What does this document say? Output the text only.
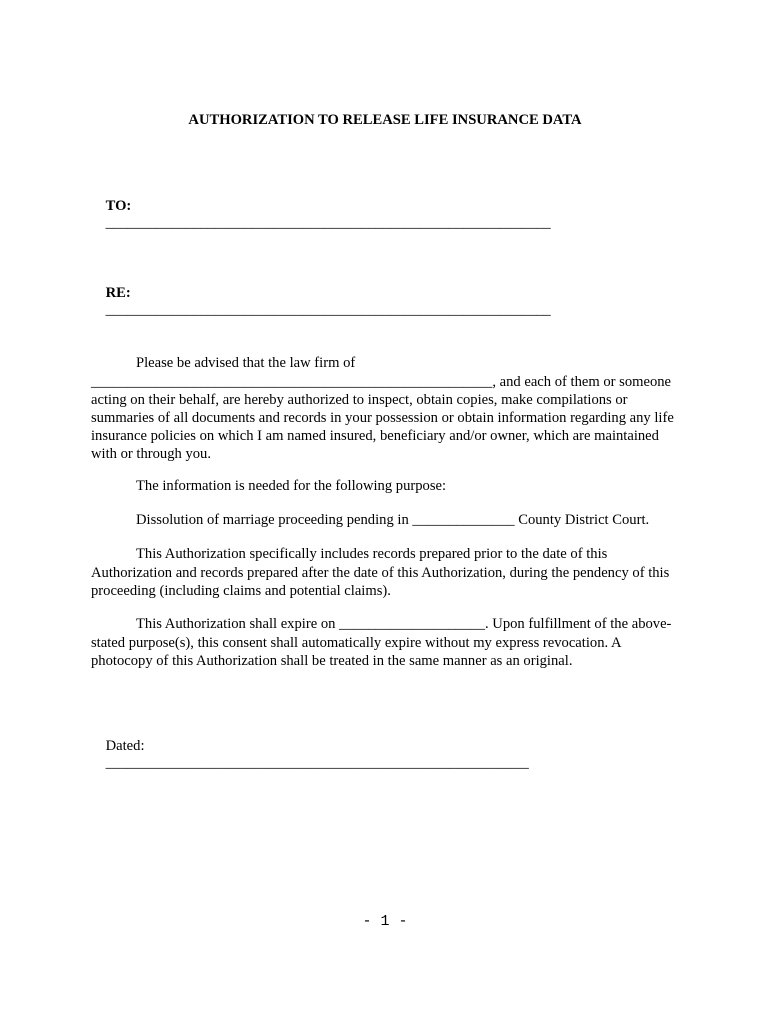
AUTHORIZATION TO RELEASE LIFE INSURANCE DATA

TO:
_____________________________________________________________

RE:
_____________________________________________________________

Please be advised that the law firm of
_______________________________________________________, and each of them or someone
acting on their behalf, are hereby authorized to inspect, obtain copies, make compilations or
summaries of all documents and records in your possession or obtain information regarding any life
insurance policies on which I am named insured, beneficiary and/or owner, which are maintained
with or through you.
The information is needed for the following purpose:
Dissolution of marriage proceeding pending in ______________ County District Court.
This Authorization specifically includes records prepared prior to the date of this
Authorization and records prepared after the date of this Authorization, during the pendency of this
proceeding (including claims and potential claims).
This Authorization shall expire on ____________________. Upon fulfillment of the above-
stated purpose(s), this consent shall automatically expire without my express revocation. A
photocopy of this Authorization shall be treated in the same manner as an original.

Dated:
__________________________________________________________

- 1 -
